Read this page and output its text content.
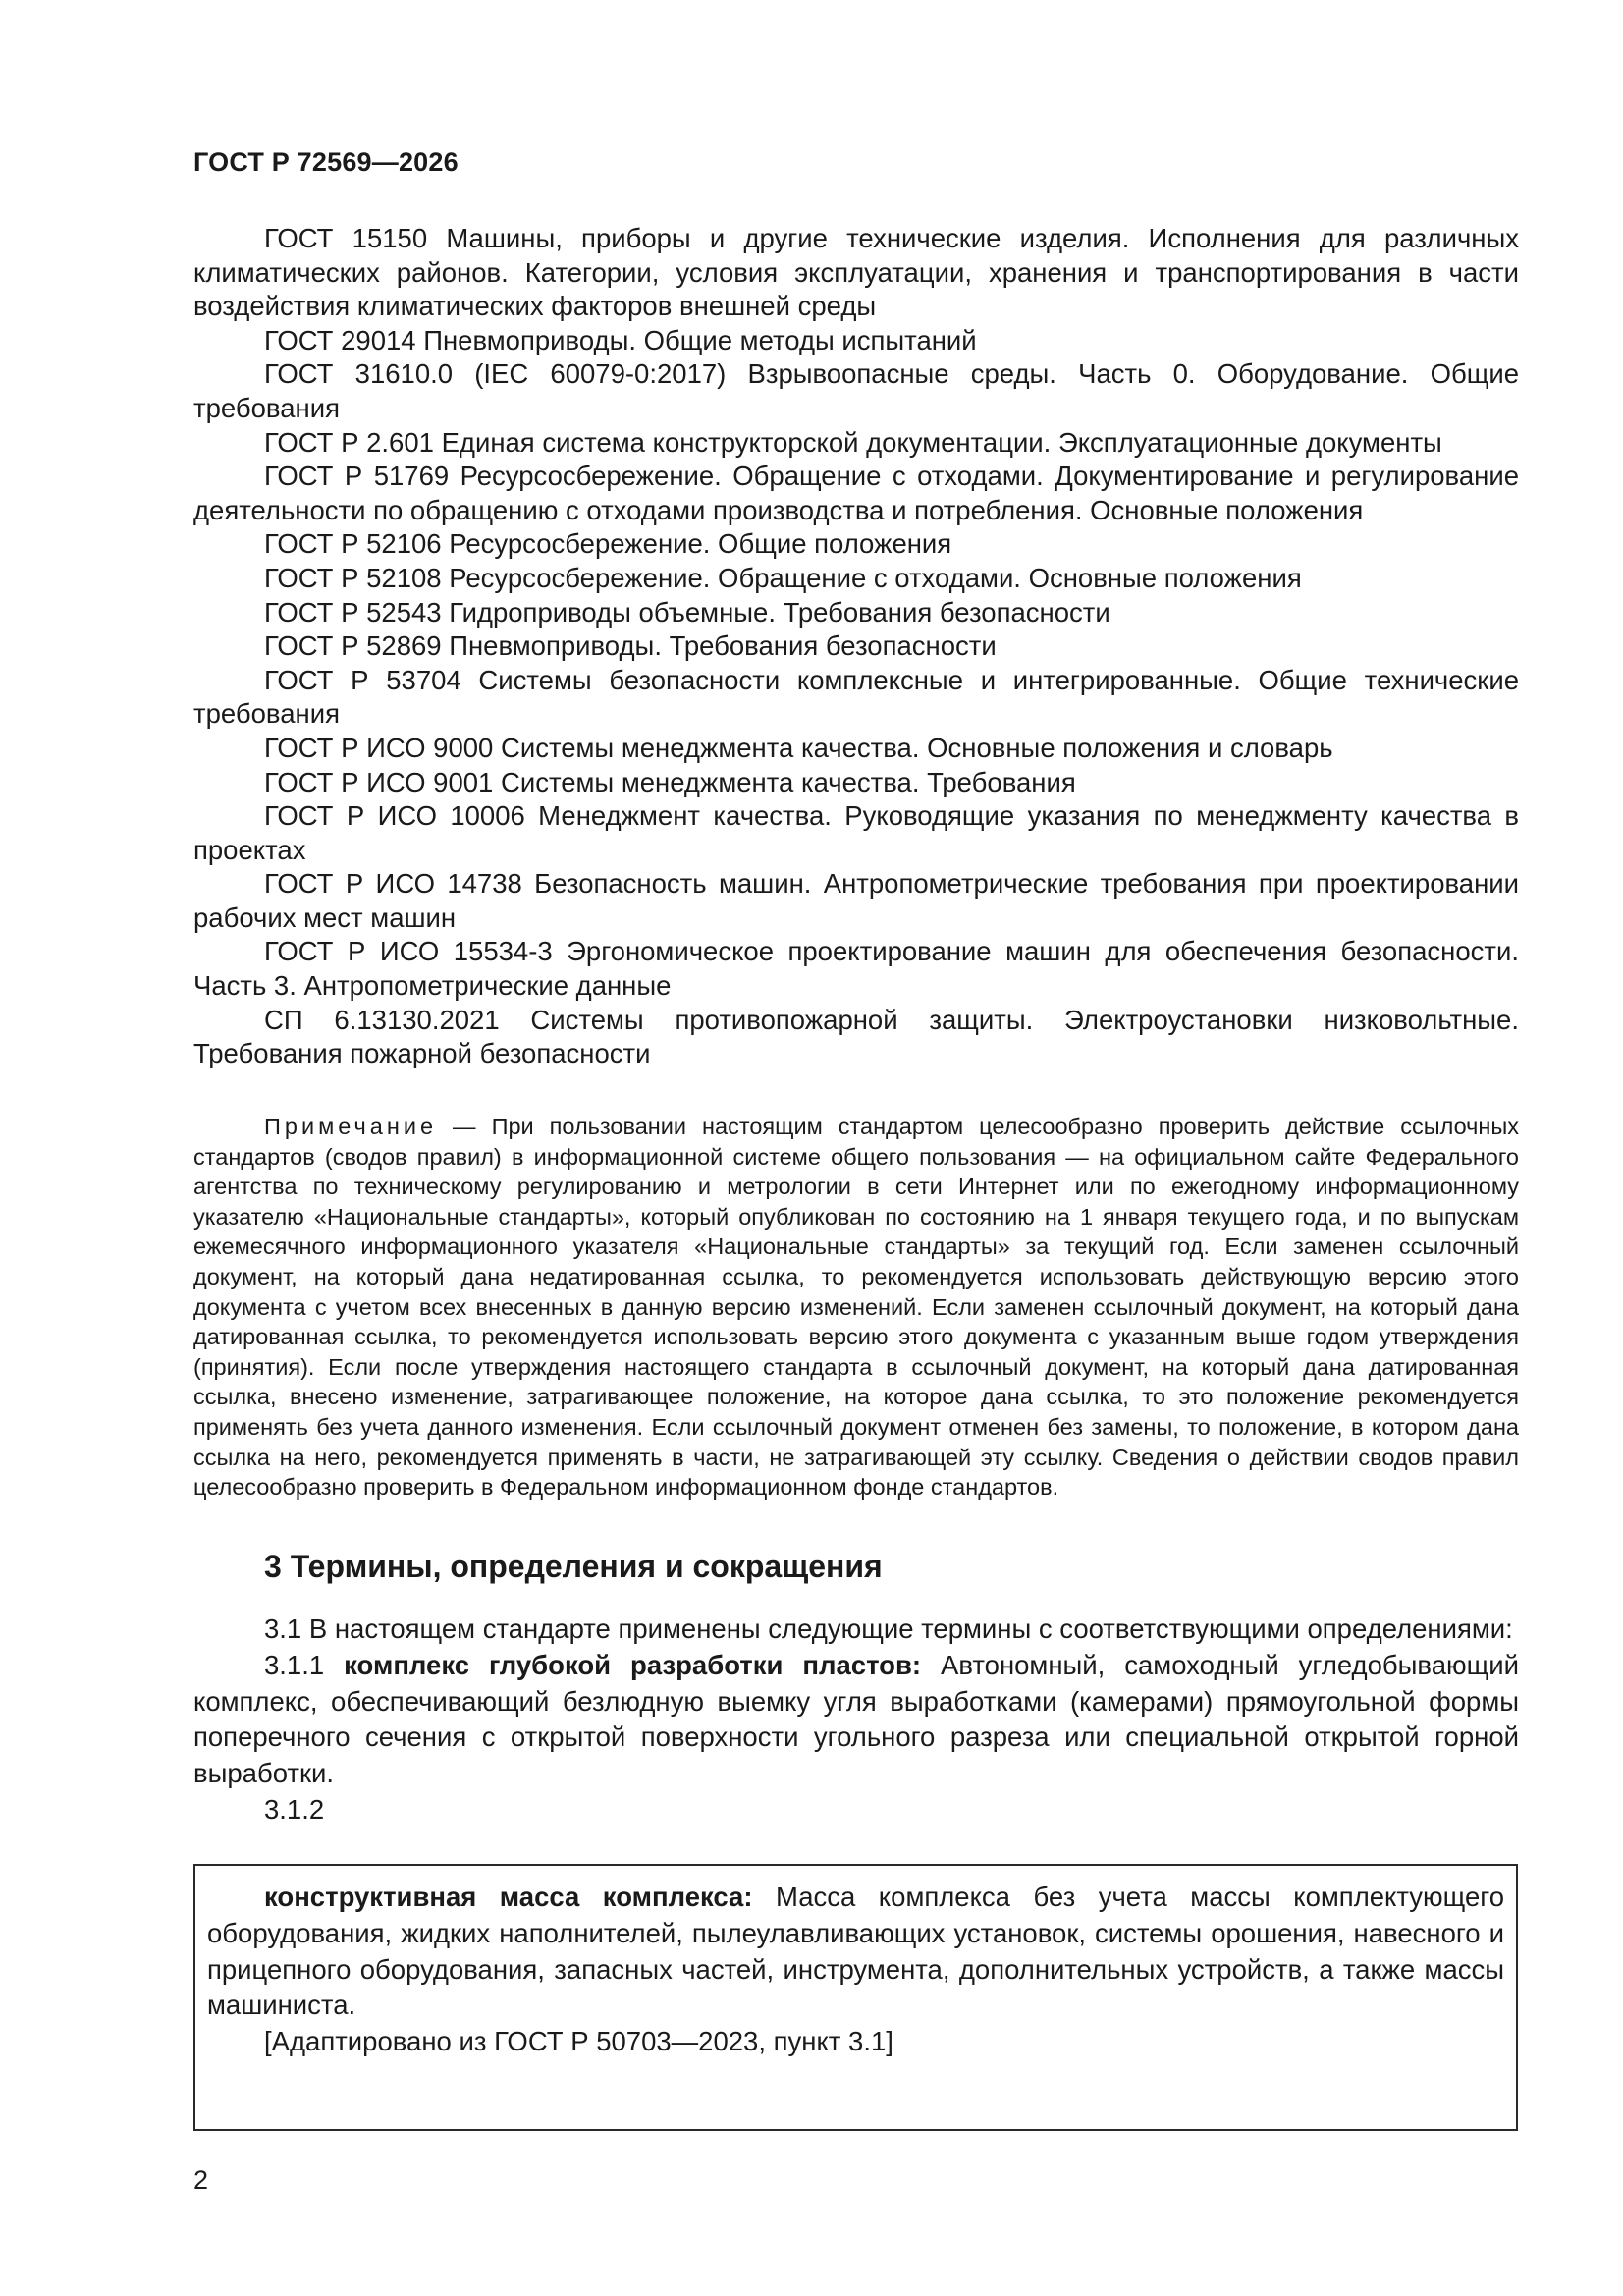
ГОСТ Р 72569—2026

ГОСТ 15150 Машины, приборы и другие технические изделия. Исполнения для различных климатических районов. Категории, условия эксплуатации, хранения и транспортирования в части воздействия климатических факторов внешней среды

ГОСТ 29014 Пневмоприводы. Общие методы испытаний

ГОСТ 31610.0 (IEC 60079-0:2017) Взрывоопасные среды. Часть 0. Оборудование. Общие требования

ГОСТ Р 2.601 Единая система конструкторской документации. Эксплуатационные документы

ГОСТ Р 51769 Ресурсосбережение. Обращение с отходами. Документирование и регулирование деятельности по обращению с отходами производства и потребления. Основные положения

ГОСТ Р 52106 Ресурсосбережение. Общие положения

ГОСТ Р 52108 Ресурсосбережение. Обращение с отходами. Основные положения

ГОСТ Р 52543 Гидроприводы объемные. Требования безопасности

ГОСТ Р 52869 Пневмоприводы. Требования безопасности

ГОСТ Р 53704 Системы безопасности комплексные и интегрированные. Общие технические требования

ГОСТ Р ИСО 9000 Системы менеджмента качества. Основные положения и словарь

ГОСТ Р ИСО 9001 Системы менеджмента качества. Требования

ГОСТ Р ИСО 10006 Менеджмент качества. Руководящие указания по менеджменту качества в проектах

ГОСТ Р ИСО 14738 Безопасность машин. Антропометрические требования при проектировании рабочих мест машин

ГОСТ Р ИСО 15534-3 Эргономическое проектирование машин для обеспечения безопасности. Часть 3. Антропометрические данные

СП 6.13130.2021 Системы противопожарной защиты. Электроустановки низковольтные. Требования пожарной безопасности

Примечание — При пользовании настоящим стандартом целесообразно проверить действие ссылочных стандартов (сводов правил) в информационной системе общего пользования — на официальном сайте Федерального агентства по техническому регулированию и метрологии в сети Интернет или по ежегодному информационному указателю «Национальные стандарты», который опубликован по состоянию на 1 января текущего года, и по выпускам ежемесячного информационного указателя «Национальные стандарты» за текущий год. Если заменен ссылочный документ, на который дана недатированная ссылка, то рекомендуется использовать действующую версию этого документа с учетом всех внесенных в данную версию изменений. Если заменен ссылочный документ, на который дана датированная ссылка, то рекомендуется использовать версию этого документа с указанным выше годом утверждения (принятия). Если после утверждения настоящего стандарта в ссылочный документ, на который дана датированная ссылка, внесено изменение, затрагивающее положение, на которое дана ссылка, то это положение рекомендуется применять без учета данного изменения. Если ссылочный документ отменен без замены, то положение, в котором дана ссылка на него, рекомендуется применять в части, не затрагивающей эту ссылку. Сведения о действии сводов правил целесообразно проверить в Федеральном информационном фонде стандартов.

3 Термины, определения и сокращения

3.1 В настоящем стандарте применены следующие термины с соответствующими определениями:

3.1.1 комплекс глубокой разработки пластов: Автономный, самоходный угледобывающий комплекс, обеспечивающий безлюдную выемку угля выработками (камерами) прямоугольной формы поперечного сечения с открытой поверхности угольного разреза или специальной открытой горной выработки.

3.1.2

конструктивная масса комплекса: Масса комплекса без учета массы комплектующего оборудования, жидких наполнителей, пылеулавливающих установок, системы орошения, навесного и прицепного оборудования, запасных частей, инструмента, дополнительных устройств, а также массы машиниста.

[Адаптировано из ГОСТ Р 50703—2023, пункт 3.1]

2
